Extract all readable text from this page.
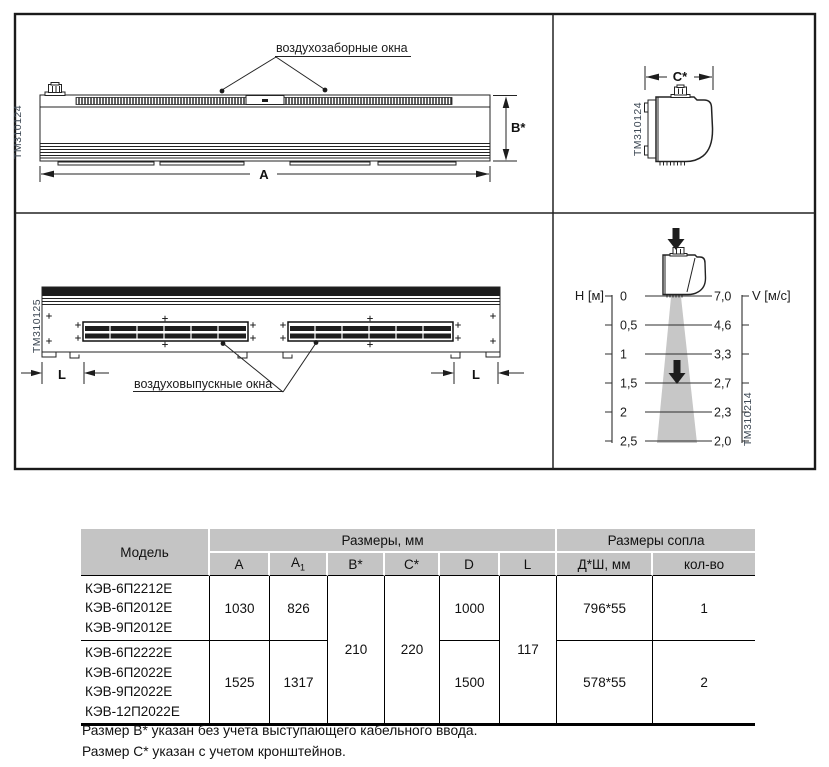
TM310124
воздухозаборные окна
B*
A
C*
TM310124
TM310125
L	L
воздуховыпускные окна
H [м] 0
0,5
1
1,5
2
2,5
V [м/с]
7,0
4,6
3,3
2,7
2,3
2,0 TM310214
Модель	Размеры, мм						Размеры сопла	
	A	$A_1$	B*	C*	D	L	Д*Ш, мм	кол-во

КЭВ-6П2212Е
КЭВ-6П2012Е
КЭВ-9П2012Е	1030	826	210	220	1000	117	796*55	1

КЭВ-6П2222Е
КЭВ-6П2022Е
КЭВ-9П2022Е
КЭВ-12П2022Е	1525	1317			1500		578*55	2
Размер B* указан без учета выступающего кабельного ввода.
Размер C* указан с учетом кронштейнов.
